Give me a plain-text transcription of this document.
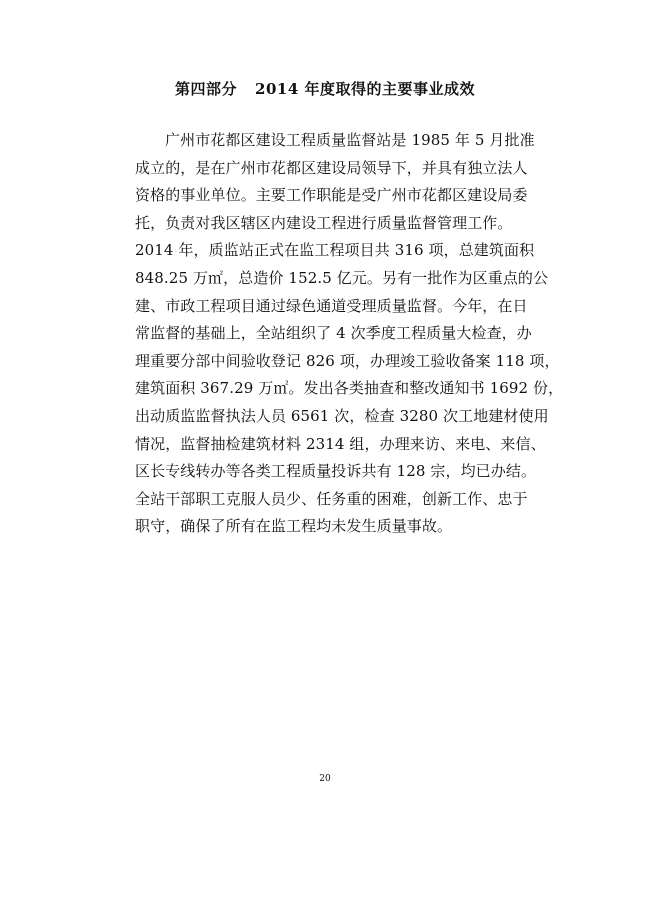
第四部分 2014 年度取得的主要事业成效
广州市花都区建设工程质量监督站是 1985 年 5 月批准
成立的，是在广州市花都区建设局领导下，并具有独立法人
资格的事业单位。主要工作职能是受广州市花都区建设局委
托，负责对我区辖区内建设工程进行质量监督管理工作。
2014 年，质监站正式在监工程项目共 316 项，总建筑面积
848.25 万㎡，总造价 152.5 亿元。另有一批作为区重点的公
建、市政工程项目通过绿色通道受理质量监督。今年，在日
常监督的基础上，全站组织了 4 次季度工程质量大检查，办
理重要分部中间验收登记 826 项，办理竣工验收备案 118 项，
建筑面积 367.29 万㎡。发出各类抽查和整改通知书 1692 份，
出动质监监督执法人员 6561 次，检查 3280 次工地建材使用
情况，监督抽检建筑材料 2314 组，办理来访、来电、来信、
区长专线转办等各类工程质量投诉共有 128 宗，均已办结。
全站干部职工克服人员少、任务重的困难，创新工作、忠于
职守，确保了所有在监工程均未发生质量事故。
20
